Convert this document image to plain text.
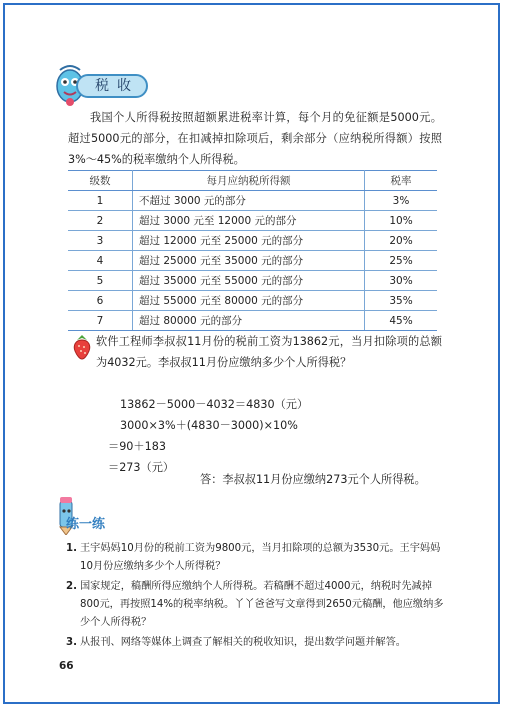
税收
我国个人所得税按照超额累进税率计算，每个月的免征额是5000元。超过5000元的部分，在扣减掉扣除项后，剩余部分（应纳税所得额）按照3%～45%的税率缴纳个人所得税。
级数	每月应纳税所得额	税率
1	不超过 3000 元的部分	3%
2	超过 3000 元至 12000 元的部分	10%
3	超过 12000 元至 25000 元的部分	20%
4	超过 25000 元至 35000 元的部分	25%
5	超过 35000 元至 55000 元的部分	30%
6	超过 55000 元至 80000 元的部分	35%
7	超过 80000 元的部分	45%
软件工程师李叔叔11月份的税前工资为13862元，当月扣除项的总额为4032元。李叔叔11月份应缴纳多少个人所得税？
13862－5000－4032＝4830（元）
3000×3%＋(4830－3000)×10%
＝90＋183
＝273（元）
答：李叔叔11月份应缴纳273元个人所得税。
练一练
1. 王宇妈妈10月份的税前工资为9800元，当月扣除项的总额为3530元。王宇妈妈10月份应缴纳多少个人所得税？
2. 国家规定，稿酬所得应缴纳个人所得税。若稿酬不超过4000元，纳税时先减掉800元，再按照14%的税率纳税。丫丫爸爸写文章得到2650元稿酬，他应缴纳多少个人所得税？
3. 从报刊、网络等媒体上调查了解相关的税收知识，提出数学问题并解答。
66
